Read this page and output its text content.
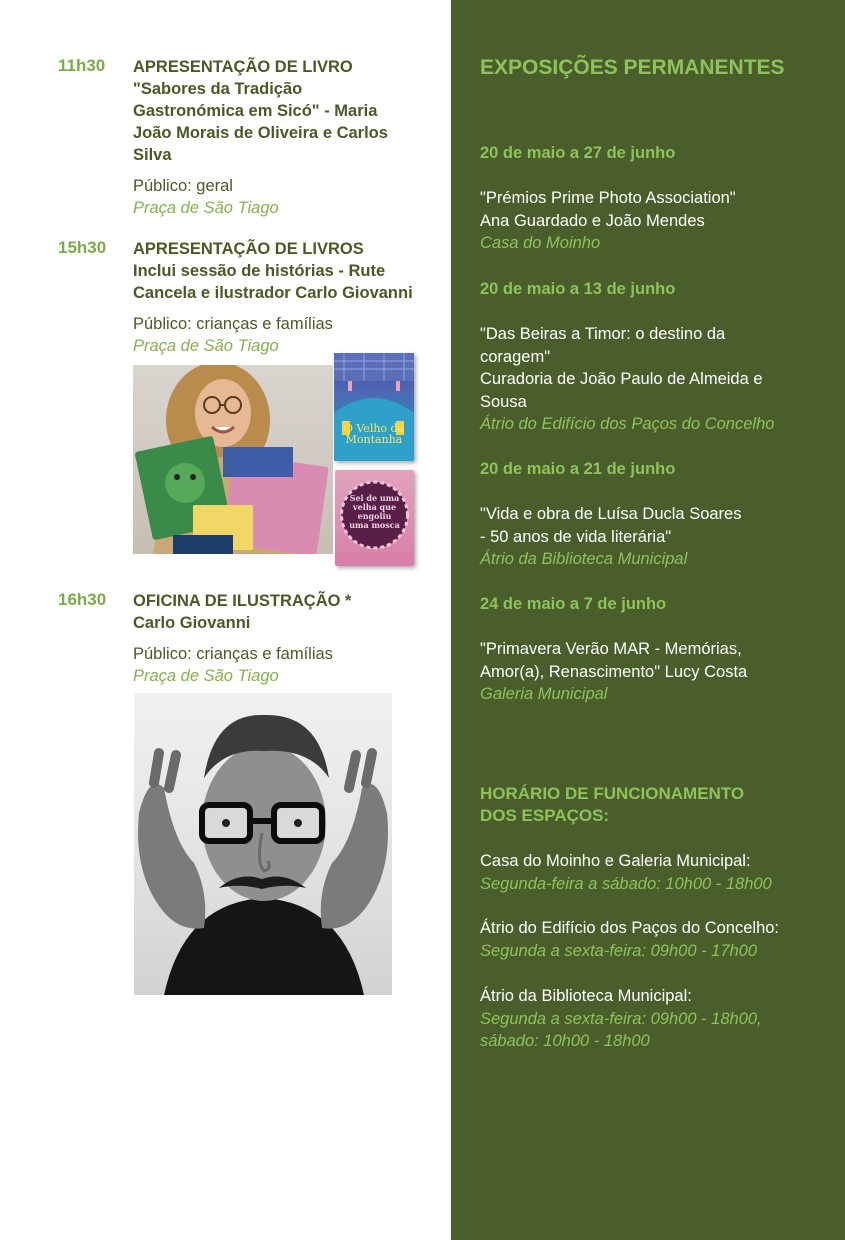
11h30 APRESENTAÇÃO DE LIVRO
"Sabores da Tradição
Gastronómica em Sicó" - Maria
João Morais de Oliveira e Carlos
Silva

Público: geral
Praça de São Tiago
15h30 APRESENTAÇÃO DE LIVROS
Inclui sessão de histórias - Rute
Cancela e ilustrador Carlo Giovanni

Público: crianças e famílias
Praça de São Tiago
O Velho da Montanha
Sei de uma velha que engoliu uma mosca
16h30 OFICINA DE ILUSTRAÇÃO *
Carlo Giovanni

Público: crianças e famílias
Praça de São Tiago
EXPOSIÇÕES PERMANENTES
20 de maio a 27 de junho
"Prémios Prime Photo Association"
Ana Guardado e João Mendes
Casa do Moinho
20 de maio a 13 de junho
"Das Beiras a Timor: o destino da
coragem"
Curadoria de João Paulo de Almeida e
Sousa
Átrio do Edifício dos Paços do Concelho
20 de maio a 21 de junho
"Vida e obra de Luísa Ducla Soares
- 50 anos de vida literária"
Átrio da Biblioteca Municipal
24 de maio a 7 de junho
"Primavera Verão MAR - Memórias,
Amor(a), Renascimento" Lucy Costa
Galeria Municipal
HORÁRIO DE FUNCIONAMENTO
DOS ESPAÇOS:
Casa do Moinho e Galeria Municipal:
Segunda-feira a sábado: 10h00 - 18h00
Átrio do Edifício dos Paços do Concelho:
Segunda a sexta-feira: 09h00 - 17h00
Átrio da Biblioteca Municipal:
Segunda a sexta-feira: 09h00 - 18h00,
sábado: 10h00 - 18h00
